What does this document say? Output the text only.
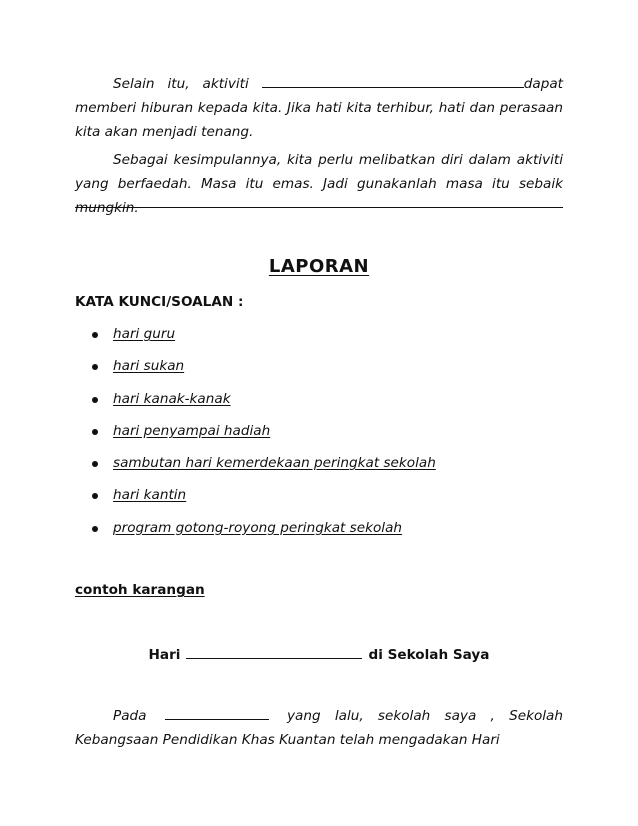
Selain itu, aktiviti	dapat memberi hiburan kepada kita. Jika hati kita terhibur, hati dan perasaan kita akan menjadi tenang.
Sebagai kesimpulannya, kita perlu melibatkan diri dalam aktiviti yang berfaedah. Masa itu emas. Jadi gunakanlah masa itu sebaik mungkin.
LAPORAN
KATA KUNCI/SOALAN :
hari guru
hari sukan
hari kanak-kanak
hari penyampai hadiah
sambutan hari kemerdekaan peringkat sekolah
hari kantin
program gotong-royong peringkat sekolah
contoh karangan
Hari	di Sekolah Saya
Pada	yang lalu, sekolah saya , Sekolah Kebangsaan Pendidikan Khas Kuantan telah mengadakan Hari
